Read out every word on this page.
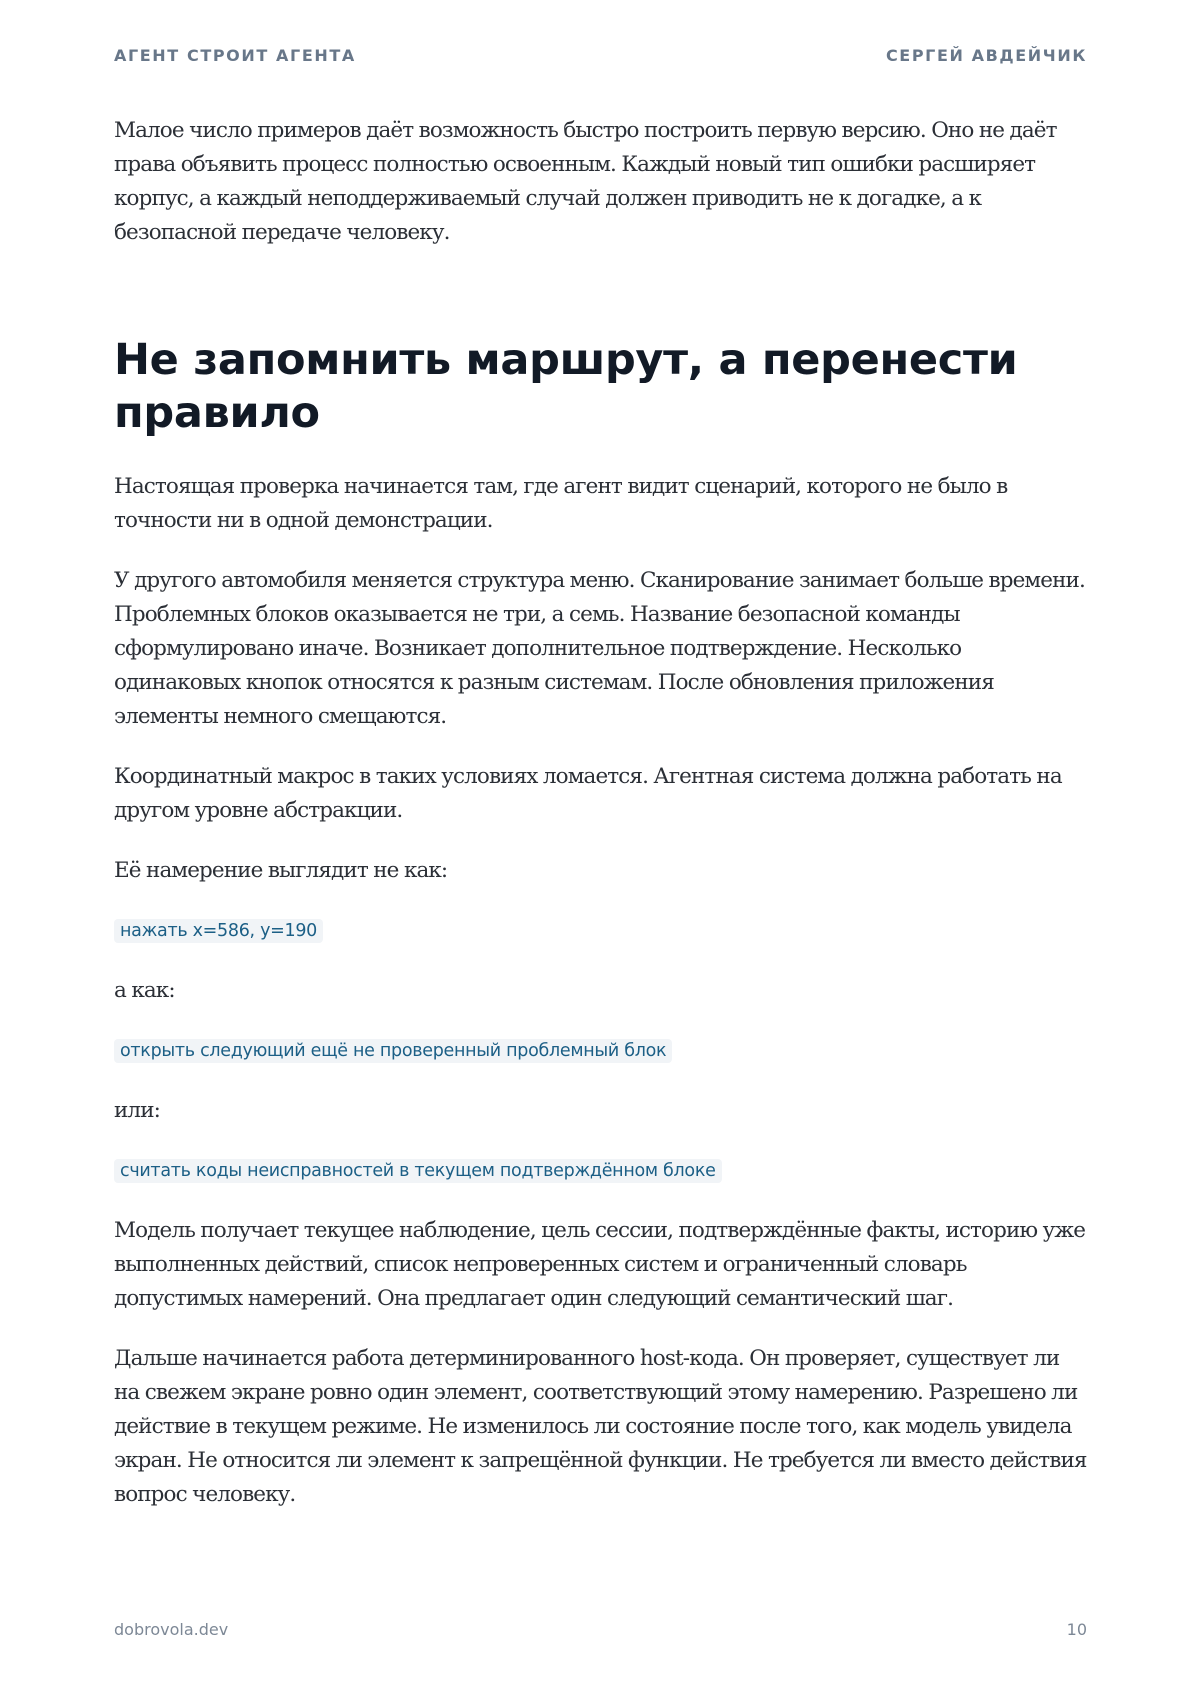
АГЕНТ СТРОИТ АГЕНТА	СЕРГЕЙ АВДЕЙЧИК

Малое число примеров даёт возможность быстро построить первую версию. Оно не даёт права объявить процесс полностью освоенным. Каждый новый тип ошибки расширяет корпус, а каждый неподдерживаемый случай должен приводить не к догадке, а к безопасной передаче человеку.

Не запомнить маршрут, а перенести правило

Настоящая проверка начинается там, где агент видит сценарий, которого не было в точности ни в одной демонстрации.

У другого автомобиля меняется структура меню. Сканирование занимает больше времени. Проблемных блоков оказывается не три, а семь. Название безопасной команды сформулировано иначе. Возникает дополнительное подтверждение. Несколько одинаковых кнопок относятся к разным системам. После обновления приложения элементы немного смещаются.

Координатный макрос в таких условиях ломается. Агентная система должна работать на другом уровне абстракции.

Её намерение выглядит не как:

нажать x=586, y=190

а как:

открыть следующий ещё не проверенный проблемный блок

или:

считать коды неисправностей в текущем подтверждённом блоке

Модель получает текущее наблюдение, цель сессии, подтверждённые факты, историю уже выполненных действий, список непроверенных систем и ограниченный словарь допустимых намерений. Она предлагает один следующий семантический шаг.

Дальше начинается работа детерминированного host-кода. Он проверяет, существует ли на свежем экране ровно один элемент, соответствующий этому намерению. Разрешено ли действие в текущем режиме. Не изменилось ли состояние после того, как модель увидела экран. Не относится ли элемент к запрещённой функции. Не требуется ли вместо действия вопрос человеку.

dobrovola.dev	10
